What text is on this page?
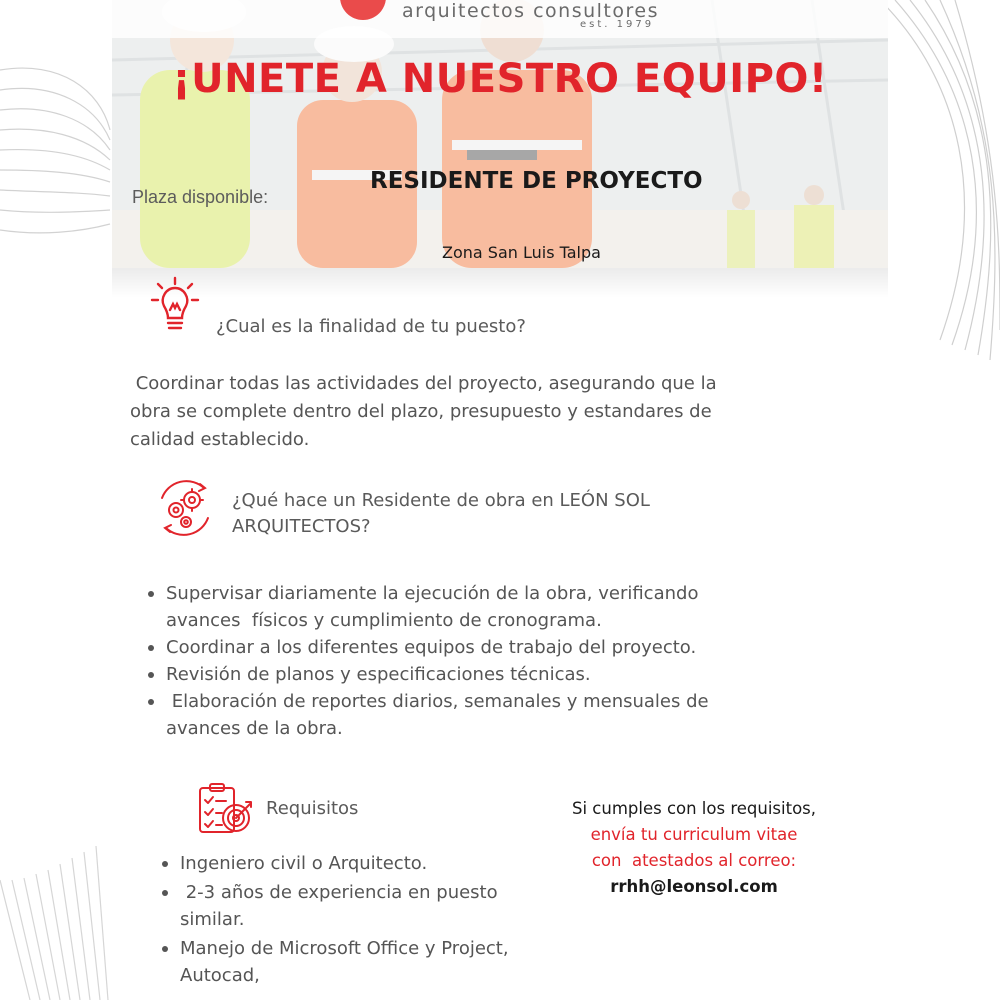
arquitectos consultores
est. 1979
¡UNETE A NUESTRO EQUIPO!
Plaza disponible:
RESIDENTE DE PROYECTO
Zona San Luis Talpa
¿Cual es la finalidad de tu puesto?
Coordinar todas las actividades del proyecto, asegurando que la
obra se complete dentro del plazo, presupuesto y estandares de
calidad establecido.
¿Qué hace un Residente de obra en LEÓN SOL
ARQUITECTOS?
Supervisar diariamente la ejecución de la obra, verificando
avances  físicos y cumplimiento de cronograma.
Coordinar a los diferentes equipos de trabajo del proyecto.
Revisión de planos y especificaciones técnicas.
Elaboración de reportes diarios, semanales y mensuales de
avances de la obra.
Requisitos
Ingeniero civil o Arquitecto.
2-3 años de experiencia en puesto
similar.
Manejo de Microsoft Office y Project,
Autocad,
Si cumples con los requisitos,
envía tu curriculum vitae
con  atestados al correo:
rrhh@leonsol.com
